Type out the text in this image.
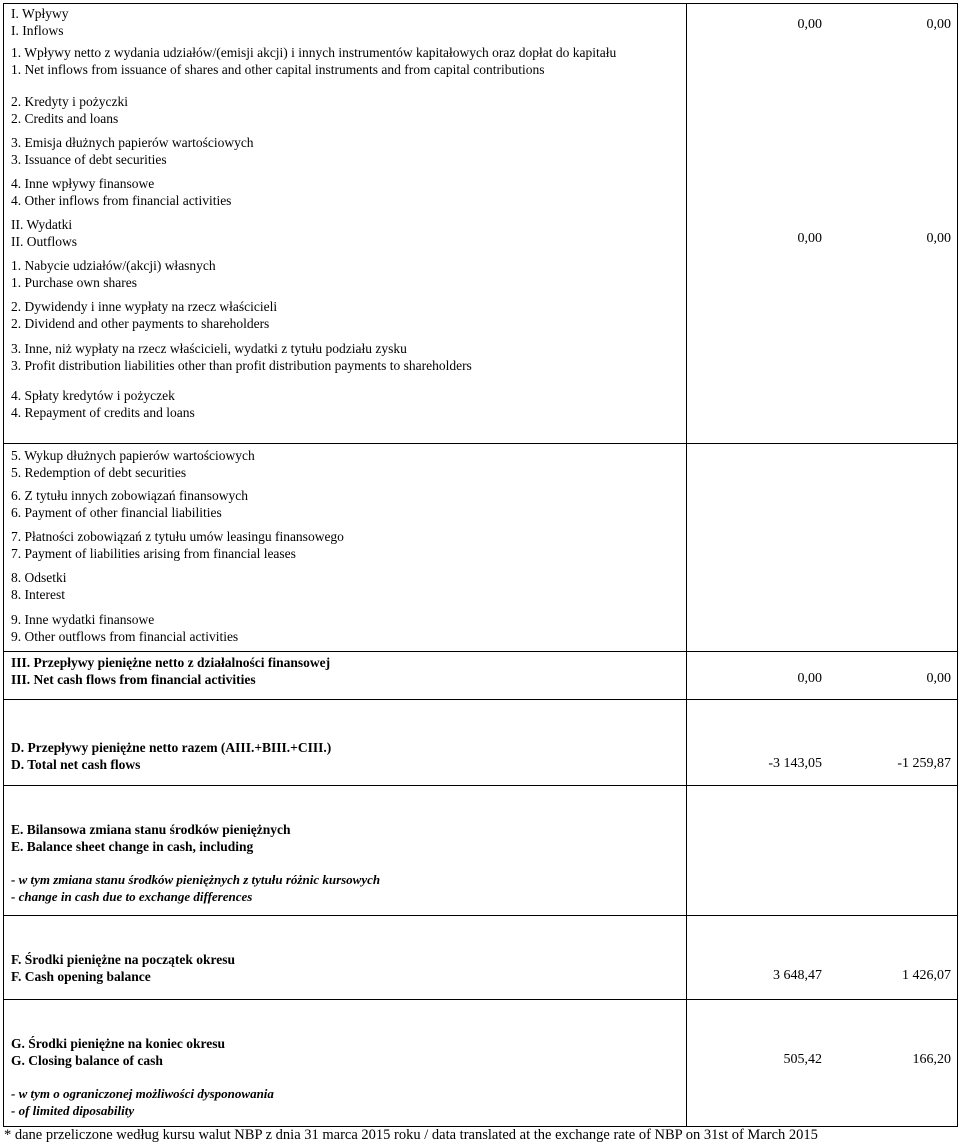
I. Wpływy
I. Inflows	0,00	0,00
1. Wpływy netto z wydania udziałów/(emisji akcji) i innych instrumentów kapitałowych oraz dopłat do kapitału
1. Net inflows from issuance of shares and other capital instruments and from capital contributions
2. Kredyty i pożyczki
2. Credits and loans
3. Emisja dłużnych papierów wartościowych
3. Issuance of debt securities
4. Inne wpływy finansowe
4. Other inflows from financial activities
II. Wydatki
II. Outflows	0,00	0,00
1. Nabycie udziałów/(akcji) własnych
1. Purchase own shares
2. Dywidendy i inne wypłaty na rzecz właścicieli
2. Dividend and other payments to shareholders
3. Inne, niż wypłaty na rzecz właścicieli, wydatki z tytułu podziału zysku
3. Profit distribution liabilities other than profit distribution payments to shareholders
4. Spłaty kredytów i pożyczek
4. Repayment of credits and loans
5. Wykup dłużnych papierów wartościowych
5. Redemption of debt securities
6. Z tytułu innych zobowiązań finansowych
6. Payment of other financial liabilities
7. Płatności zobowiązań z tytułu umów leasingu finansowego
7. Payment of liabilities arising from financial leases
8. Odsetki
8. Interest
9. Inne wydatki finansowe
9. Other outflows from financial activities
III. Przepływy pieniężne netto z działalności finansowej
III. Net cash flows from financial activities	0,00	0,00
D. Przepływy pieniężne netto razem (AIII.+BIII.+CIII.)
D. Total net cash flows	-3 143,05	-1 259,87
E. Bilansowa zmiana stanu środków pieniężnych
E. Balance sheet change in cash, including
- w tym zmiana stanu środków pieniężnych z tytułu różnic kursowych
- change in cash due to exchange differences
F. Środki pieniężne na początek okresu
F. Cash opening balance	3 648,47	1 426,07
G. Środki pieniężne na koniec okresu
G. Closing balance of cash	505,42	166,20
- w tym o ograniczonej możliwości dysponowania
- of limited diposability
* dane przeliczone według kursu walut NBP z dnia 31 marca 2015 roku / data translated at the exchange rate of NBP on 31st of March 2015
